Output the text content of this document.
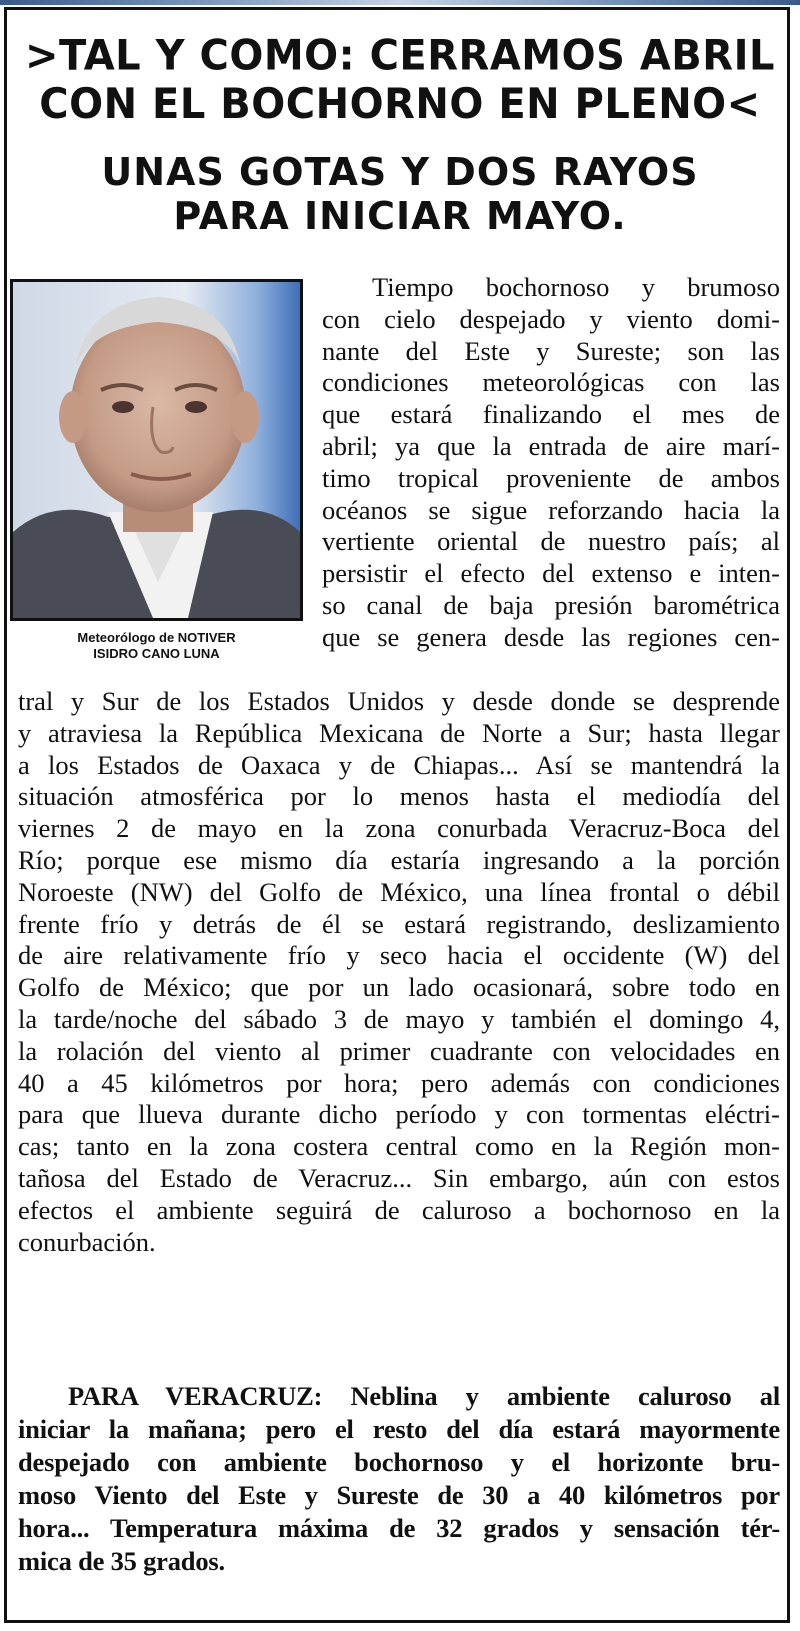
>TAL Y COMO: CERRAMOS ABRIL
CON EL BOCHORNO EN PLENO<
UNAS GOTAS Y DOS RAYOS
PARA INICIAR MAYO.
Meteorólogo de NOTIVER
ISIDRO CANO LUNA
Tiempo bochornoso y brumoso
con cielo despejado y viento domi-
nante del Este y Sureste; son las
condiciones meteorológicas con las
que estará finalizando el mes de
abril; ya que la entrada de aire marí-
timo tropical proveniente de ambos
océanos se sigue reforzando hacia la
vertiente oriental de nuestro país; al
persistir el efecto del extenso e inten-
so canal de baja presión barométrica
que se genera desde las regiones cen-
tral y Sur de los Estados Unidos y desde donde se desprende
y atraviesa la República Mexicana de Norte a Sur; hasta llegar
a los Estados de Oaxaca y de Chiapas... Así se mantendrá la
situación atmosférica por lo menos hasta el mediodía del
viernes 2 de mayo en la zona conurbada Veracruz-Boca del
Río; porque ese mismo día estaría ingresando a la porción
Noroeste (NW) del Golfo de México, una línea frontal o débil
frente frío y detrás de él se estará registrando, deslizamiento
de aire relativamente frío y seco hacia el occidente (W) del
Golfo de México; que por un lado ocasionará, sobre todo en
la tarde/noche del sábado 3 de mayo y también el domingo 4,
la rolación del viento al primer cuadrante con velocidades en
40 a 45 kilómetros por hora; pero además con condiciones
para que llueva durante dicho período y con tormentas eléctri-
cas; tanto en la zona costera central como en la Región mon-
tañosa del Estado de Veracruz... Sin embargo, aún con estos
efectos el ambiente seguirá de caluroso a bochornoso en la
conurbación.
PARA VERACRUZ: Neblina y ambiente caluroso al
iniciar la mañana; pero el resto del día estará mayormente
despejado con ambiente bochornoso y el horizonte bru-
moso Viento del Este y Sureste de 30 a 40 kilómetros por
hora... Temperatura máxima de 32 grados y sensación tér-
mica de 35 grados.
